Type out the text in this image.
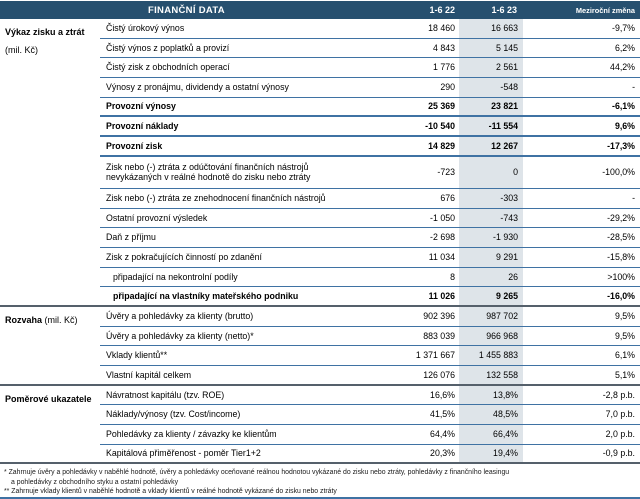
FINANČNÍ DATA	1-6 22	1-6 23	Meziroční změna
Výkaz zisku a ztrát
(mil. Kč)
Čistý úrokový výnos	18 460	16 663	-9,7%
Čistý výnos z poplatků a provizí	4 843	5 145	6,2%
Čistý zisk z obchodních operací	1 776	2 561	44,2%
Výnosy z pronájmu, dividendy a ostatní výnosy	290	-548	-
Provozní výnosy	25 369	23 821	-6,1%
Provozní náklady	-10 540	-11 554	9,6%
Provozní zisk	14 829	12 267	-17,3%
Zisk nebo (-) ztráta z odúčtování finančních nástrojů
nevykázaných v reálné hodnotě do zisku nebo ztráty
-723	0	-100,0%
Zisk nebo (-) ztráta ze znehodnocení finančních nástrojů	676	-303	-
Ostatní provozní výsledek	-1 050	-743	-29,2%
Daň z příjmu	-2 698	-1 930	-28,5%
Zisk z pokračujících činností po zdanění	11 034	9 291	-15,8%
připadající na nekontrolní podíly	8	26	>100%
připadající na vlastníky mateřského podniku	11 026	9 265	-16,0%
Rozvaha (mil. Kč)	Úvěry a pohledávky za klienty (brutto)	902 396	987 702	9,5%
Úvěry a pohledávky za klienty (netto)*	883 039	966 968	9,5%
Vklady klientů**	1 371 667	1 455 883	6,1%
Vlastní kapitál celkem	126 076	132 558	5,1%
Poměrové ukazatele	Návratnost kapitálu (tzv. ROE)	16,6%	13,8%	-2,8 p.b.
Náklady/výnosy (tzv. Cost/income)	41,5%	48,5%	7,0 p.b.
Pohledávky za klienty / závazky ke klientům	64,4%	66,4%	2,0 p.b.
Kapitálová přiměřenost - poměr Tier1+2	20,3%	19,4%	-0,9 p.b.
* Zahrnuje úvěry a pohledávky v naběhlé hodnotě, úvěry a pohledávky oceňované reálnou hodnotou vykázané do zisku nebo ztráty, pohledávky z finančního leasingu
a pohledávky z obchodního styku a ostatní pohledávky
** Zahrnuje vklady klientů v naběhlé hodnotě a vklady klientů v reálné hodnotě vykázané do zisku nebo ztráty
